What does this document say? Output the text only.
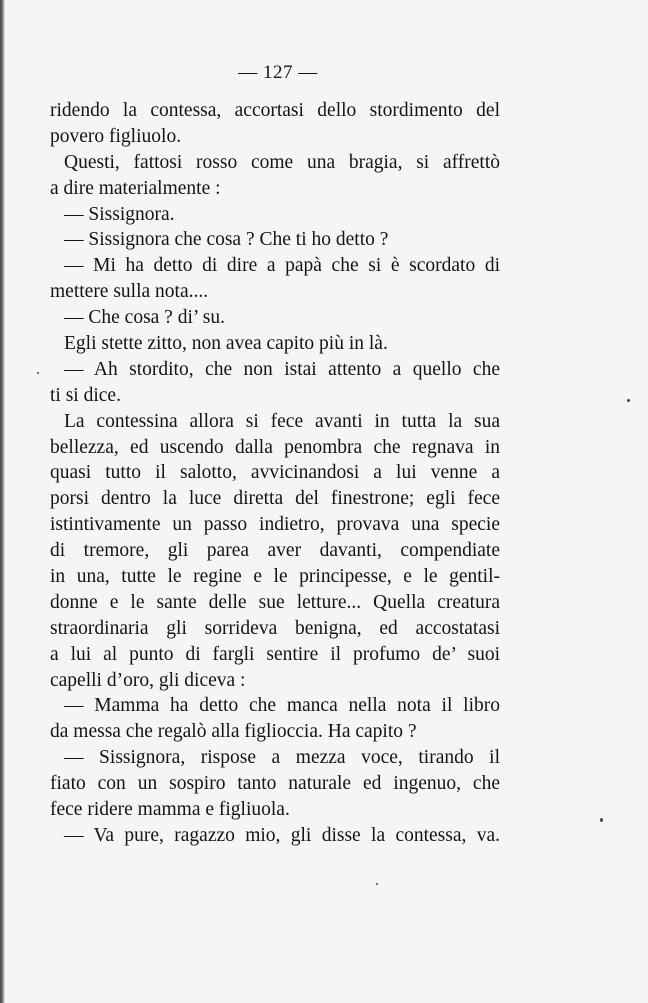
— 127 —
ridendo la contessa, accortasi dello stordimento del
povero figliuolo.
Questi, fattosi rosso come una bragia, si affrettò
a dire materialmente :
— Sissignora.
— Sissignora che cosa ? Che ti ho detto ?
— Mi ha detto di dire a papà che si è scordato di
mettere sulla nota....
— Che cosa ? di’ su.
Egli stette zitto, non avea capito più in là.
— Ah stordito, che non istai attento a quello che
ti si dice.
La contessina allora si fece avanti in tutta la sua
bellezza, ed uscendo dalla penombra che regnava in
quasi tutto il salotto, avvicinandosi a lui venne a
porsi dentro la luce diretta del finestrone; egli fece
istintivamente un passo indietro, provava una specie
di tremore, gli parea aver davanti, compendiate
in una, tutte le regine e le principesse, e le gentil-
donne e le sante delle sue letture... Quella creatura
straordinaria gli sorrideva benigna, ed accostatasi
a lui al punto di fargli sentire il profumo de’ suoi
capelli d’oro, gli diceva :
— Mamma ha detto che manca nella nota il libro
da messa che regalò alla figlioccia. Ha capito ?
— Sissignora, rispose a mezza voce, tirando il
fiato con un sospiro tanto naturale ed ingenuo, che
fece ridere mamma e figliuola.
— Va pure, ragazzo mio, gli disse la contessa, va.
